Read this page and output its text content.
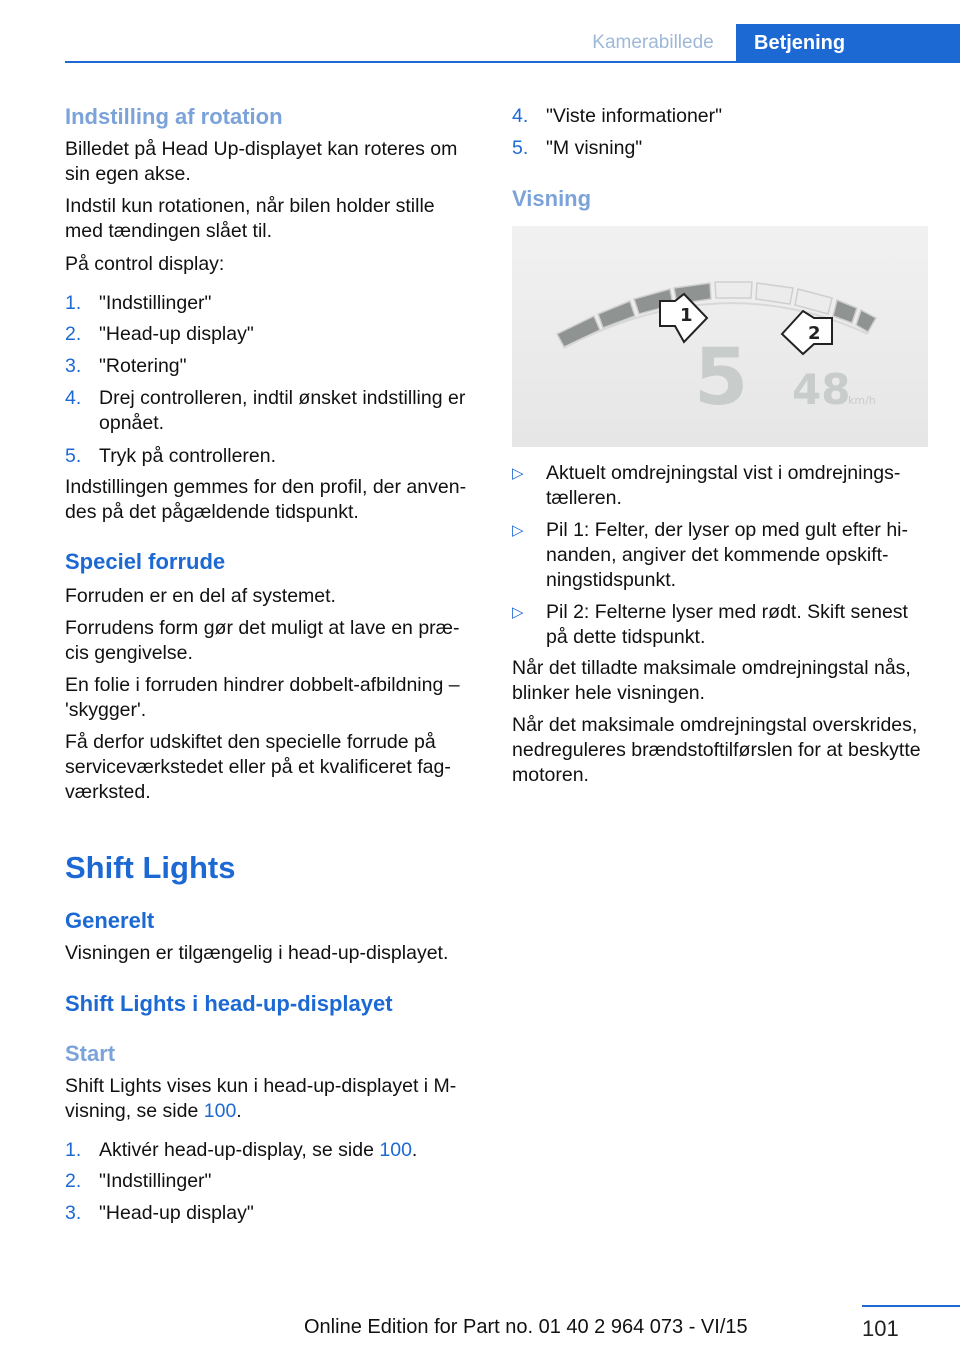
Kamerabillede	Betjening
Indstilling af rotation

Billedet på Head Up-displayet kan roteres om sin egen akse.

Indstil kun rotationen, når bilen holder stille med tændingen slået til.

På control display:

1. "Indstillinger"
2. "Head-up display"
3. "Rotering"
4. Drej controlleren, indtil ønsket indstilling er opnået.
5. Tryk på controlleren.

Indstillingen gemmes for den profil, der anvendes på det pågældende tidspunkt.

Speciel forrude

Forruden er en del af systemet.

Forrudens form gør det muligt at lave en præcis gengivelse.

En folie i forruden hindrer dobbelt-afbildning – 'skygger'.

Få derfor udskiftet den specielle forrude på serviceværkstedet eller på et kvalificeret fagværksted.

Shift Lights
Generelt

Visningen er tilgængelig i head-up-displayet.

Shift Lights i head-up-displayet
Start

Shift Lights vises kun i head-up-displayet i M-visning, se side 100.

1. Aktivér head-up-display, se side 100.
2. "Indstillinger"
3. "Head-up display"
4. "Viste informationer"
5. "M visning"
Visning
1
2
5 48
km/h
▷ Aktuelt omdrejningstal vist i omdrejningstælleren.
▷ Pil 1: Felter, der lyser op med gult efter hinanden, angiver det kommende opskiftningstidspunkt.
▷ Pil 2: Felterne lyser med rødt. Skift senest på dette tidspunkt.

Når det tilladte maksimale omdrejningstal nås, blinker hele visningen.

Når det maksimale omdrejningstal overskrides, nedreguleres brændstoftilførslen for at beskytte motoren.

101
Online Edition for Part no. 01 40 2 964 073 - VI/15
